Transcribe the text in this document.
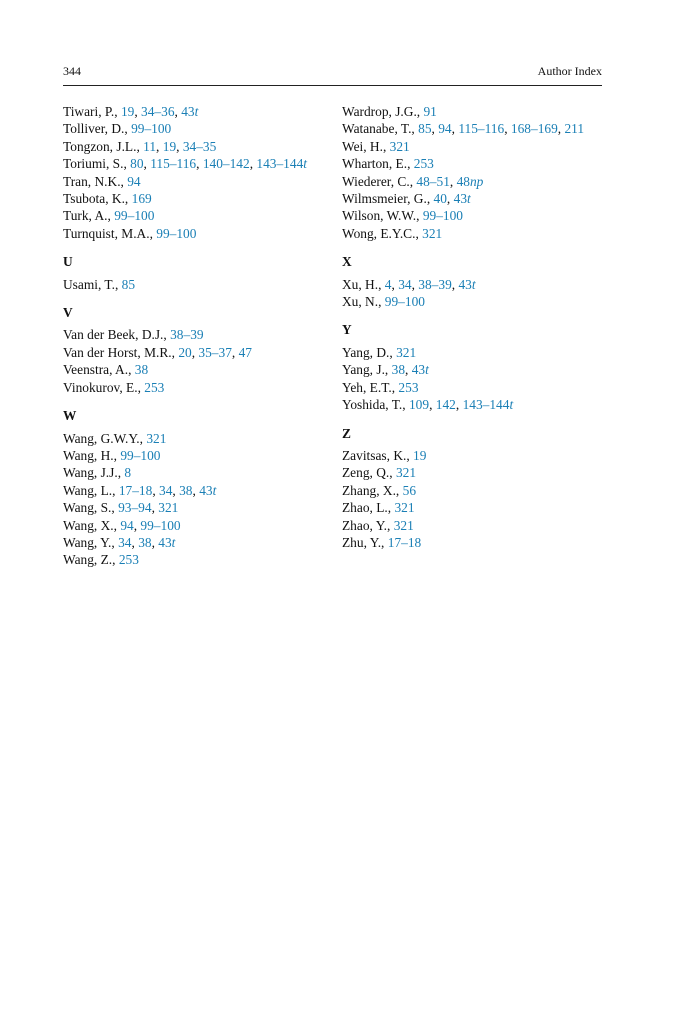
344	Author Index
Tiwari, P., 19, 34–36, 43t
Tolliver, D., 99–100
Tongzon, J.L., 11, 19, 34–35
Toriumi, S., 80, 115–116, 140–142, 143–144t
Tran, N.K., 94
Tsubota, K., 169
Turk, A., 99–100
Turnquist, M.A., 99–100
U
Usami, T., 85
V
Van der Beek, D.J., 38–39
Van der Horst, M.R., 20, 35–37, 47
Veenstra, A., 38
Vinokurov, E., 253
W
Wang, G.W.Y., 321
Wang, H., 99–100
Wang, J.J., 8
Wang, L., 17–18, 34, 38, 43t
Wang, S., 93–94, 321
Wang, X., 94, 99–100
Wang, Y., 34, 38, 43t
Wang, Z., 253
Wardrop, J.G., 91
Watanabe, T., 85, 94, 115–116, 168–169, 211
Wei, H., 321
Wharton, E., 253
Wiederer, C., 48–51, 48np
Wilmsmeier, G., 40, 43t
Wilson, W.W., 99–100
Wong, E.Y.C., 321
X
Xu, H., 4, 34, 38–39, 43t
Xu, N., 99–100
Y
Yang, D., 321
Yang, J., 38, 43t
Yeh, E.T., 253
Yoshida, T., 109, 142, 143–144t
Z
Zavitsas, K., 19
Zeng, Q., 321
Zhang, X., 56
Zhao, L., 321
Zhao, Y., 321
Zhu, Y., 17–18
